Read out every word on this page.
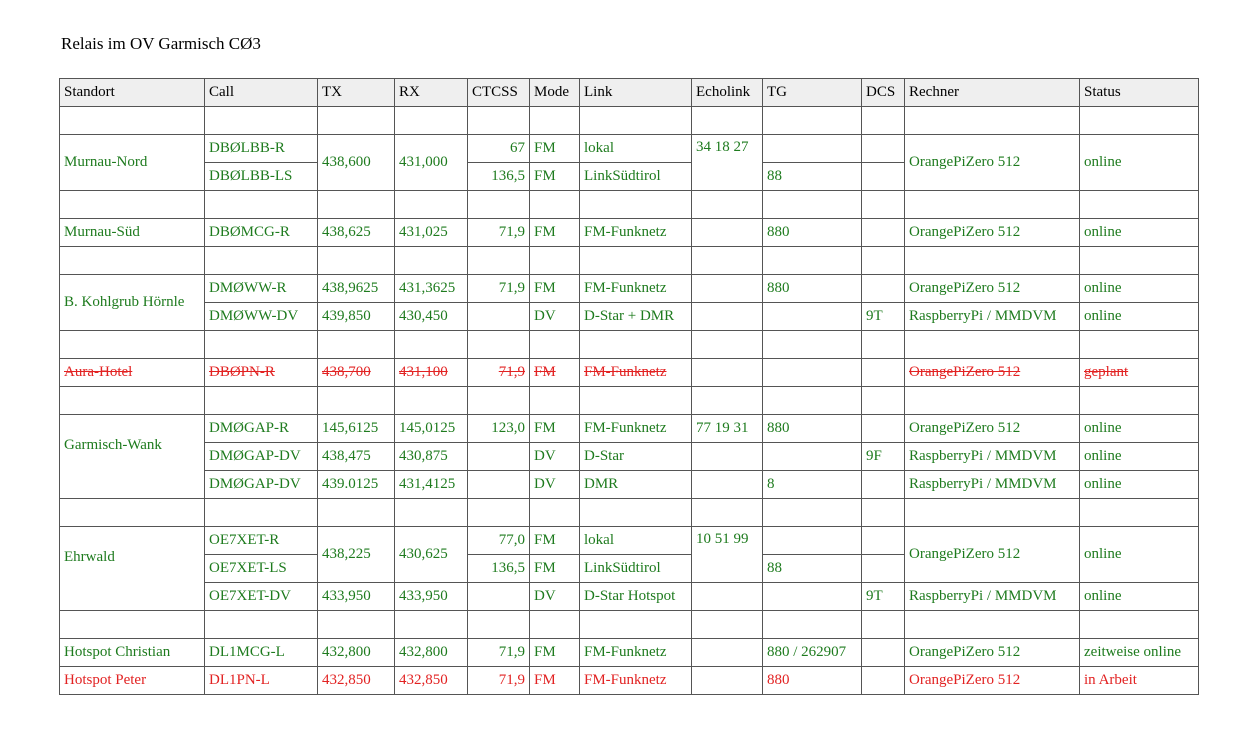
Relais im OV Garmisch CØ3
Standort	Call	TX	RX	CTCSS	Mode	Link	Echolink	TG	DCS	Rechner	Status

Murnau-Nord	DBØLBB-R	438,600	431,000	67	FM	lokal	34 18 27			OrangePiZero 512	online
	DBØLBB-LS			136,5	FM	LinkSüdtirol		88			

Murnau-Süd	DBØMCG-R	438,625	431,025	71,9	FM	FM-Funknetz		880		OrangePiZero 512	online

B. Kohlgrub Hörnle	DMØWW-R	438,9625	431,3625	71,9	FM	FM-Funknetz		880		OrangePiZero 512	online
	DMØWW-DV	439,850	430,450		DV	D-Star + DMR			9T	RaspberryPi / MMDVM	online

Aura-Hotel	DBØPN-R	438,700	431,100	71,9	FM	FM-Funknetz				OrangePiZero 512	geplant

Garmisch-Wank	DMØGAP-R	145,6125	145,0125	123,0	FM	FM-Funknetz	77 19 31	880		OrangePiZero 512	online
	DMØGAP-DV	438,475	430,875		DV	D-Star			9F	RaspberryPi / MMDVM	online
	DMØGAP-DV	439.0125	431,4125		DV	DMR		8		RaspberryPi / MMDVM	online

Ehrwald	OE7XET-R	438,225	430,625	77,0	FM	lokal	10 51 99			OrangePiZero 512	online
	OE7XET-LS			136,5	FM	LinkSüdtirol		88			
	OE7XET-DV	433,950	433,950		DV	D-Star Hotspot			9T	RaspberryPi / MMDVM	online

Hotspot Christian	DL1MCG-L	432,800	432,800	71,9	FM	FM-Funknetz		880 / 262907		OrangePiZero 512	zeitweise online
Hotspot Peter	DL1PN-L	432,850	432,850	71,9	FM	FM-Funknetz		880		OrangePiZero 512	in Arbeit
